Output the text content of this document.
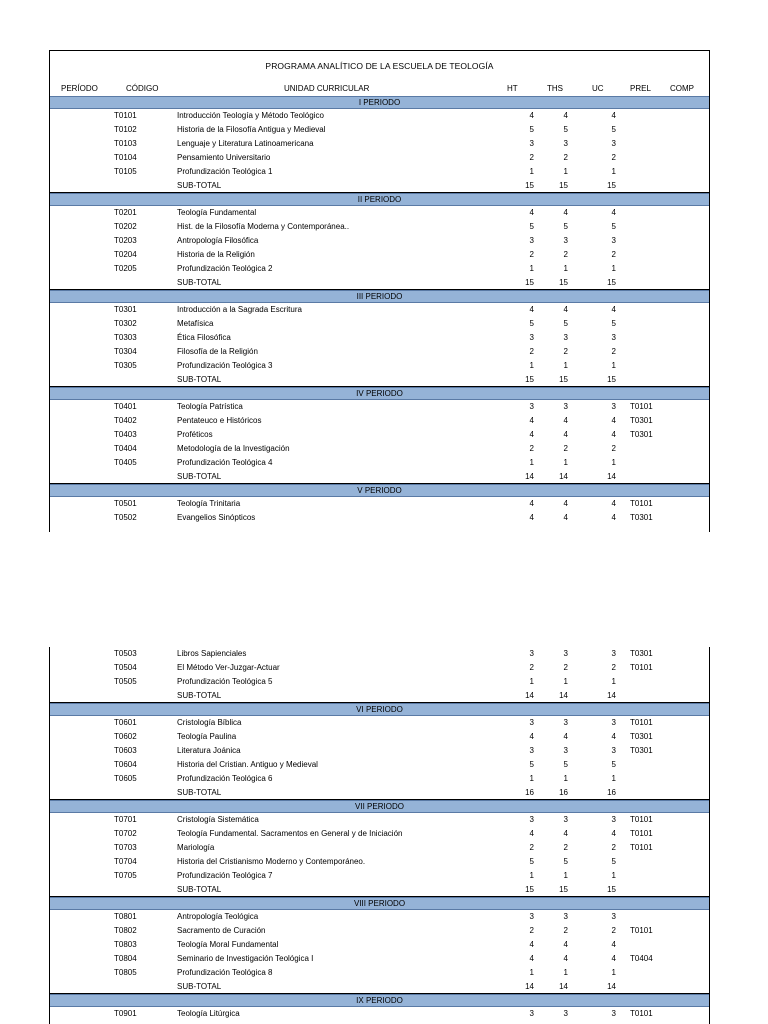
PROGRAMA ANALÍTICO DE LA ESCUELA DE TEOLOGÍA
PERÍODO	CÓDIGO	UNIDAD CURRICULAR	HT	THS	UC	PREL COMP
I PERIODO
T0101	Introducción Teología y Método Teológico	4	4	4
T0102	Historia de la Filosofía Antigua y Medieval	5	5	5
T0103	Lenguaje y Literatura Latinoamericana	3	3	3
T0104	Pensamiento Universitario	2	2	2
T0105	Profundización Teológica 1	1	1	1
SUB-TOTAL	15	15	15
II PERIODO
T0201	Teología Fundamental	4	4	4
T0202	Hist. de la Filosofía Moderna y Contemporánea..	5	5	5
T0203	Antropología Filosófica	3	3	3
T0204	Historia de la Religión	2	2	2
T0205	Profundización Teológica 2	1	1	1
SUB-TOTAL	15	15	15
III PERIODO
T0301	Introducción a la Sagrada Escritura	4	4	4
T0302	Metafísica	5	5	5
T0303	Ética Filosófica	3	3	3
T0304	Filosofía de la Religión	2	2	2
T0305	Profundización Teológica 3	1	1	1
SUB-TOTAL	15	15	15
IV PERIODO
T0401	Teología Patrística	3	3	3 T0101
T0402	Pentateuco e Históricos	4	4	4 T0301
T0403	Proféticos	4	4	4 T0301
T0404	Metodología de la Investigación	2	2	2
T0405	Profundización Teológica 4	1	1	1
SUB-TOTAL	14	14	14
V PERIODO
T0501	Teología Trinitaria	4	4	4 T0101
T0502	Evangelios Sinópticos	4	4	4 T0301
T0503	Libros Sapienciales	3	3	3 T0301
T0504	El Método Ver-Juzgar-Actuar	2	2	2 T0101
T0505	Profundización Teológica 5	1	1	1
SUB-TOTAL	14	14	14
VI PERIODO
T0601	Cristología Bíblica	3	3	3 T0101
T0602	Teología Paulina	4	4	4 T0301
T0603	Literatura Joánica	3	3	3 T0301
T0604	Historia del Cristian. Antiguo y Medieval	5	5	5
T0605	Profundización Teológica 6	1	1	1
SUB-TOTAL	16	16	16
VII PERIODO
T0701	Cristología Sistemática	3	3	3 T0101
T0702	Teología Fundamental. Sacramentos en General y de Iniciación	4	4	4 T0101
T0703	Mariología	2	2	2 T0101
T0704	Historia del Cristianismo Moderno y Contemporáneo.	5	5	5
T0705	Profundización Teológica 7	1	1	1
SUB-TOTAL	15	15	15
VIII PERIODO
T0801	Antropología Teológica	3	3	3
T0802	Sacramento de Curación	2	2	2 T0101
T0803	Teología Moral Fundamental	4	4	4
T0804	Seminario de Investigación Teológica I	4	4	4 T0404
T0805	Profundización Teológica 8	1	1	1
SUB-TOTAL	14	14	14
IX PERIODO
T0901	Teología Litúrgica	3	3	3 T0101
